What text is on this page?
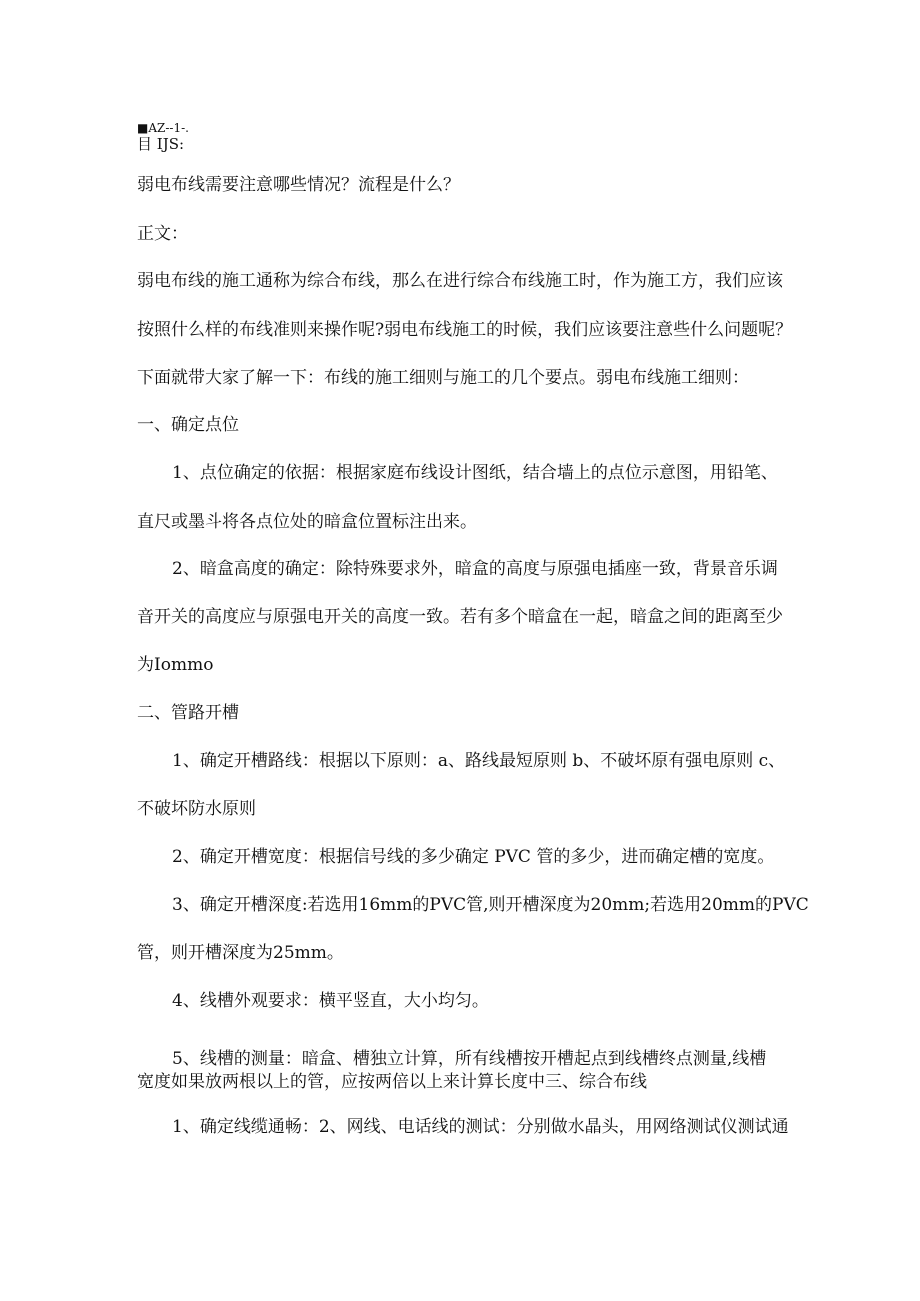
■AZ--1-.
目 IJS:
弱电布线需要注意哪些情况？流程是什么？
正文：
弱电布线的施工通称为综合布线，那么在进行综合布线施工时，作为施工方，我们应该
按照什么样的布线准则来操作呢?弱电布线施工的时候，我们应该要注意些什么问题呢？
下面就带大家了解一下：布线的施工细则与施工的几个要点。弱电布线施工细则：
一、确定点位
1、点位确定的依据：根据家庭布线设计图纸，结合墙上的点位示意图，用铅笔、
直尺或墨斗将各点位处的暗盒位置标注出来。
2、暗盒高度的确定：除特殊要求外，暗盒的高度与原强电插座一致，背景音乐调
音开关的高度应与原强电开关的高度一致。若有多个暗盒在一起，暗盒之间的距离至少
为Iommo
二、管路开槽
1、确定开槽路线：根据以下原则：a、路线最短原则 b、不破坏原有强电原则 c、
不破坏防水原则
2、确定开槽宽度：根据信号线的多少确定 PVC 管的多少，进而确定槽的宽度。
3、确定开槽深度:若选用16mm的PVC管,则开槽深度为20mm;若选用20mm的PVC
管，则开槽深度为25mm。
4、线槽外观要求：横平竖直，大小均匀。
5、线槽的测量：暗盒、槽独立计算，所有线槽按开槽起点到线槽终点测量,线槽
宽度如果放两根以上的管，应按两倍以上来计算长度中三、综合布线
1、确定线缆通畅：2、网线、电话线的测试：分别做水晶头，用网络测试仪测试通
